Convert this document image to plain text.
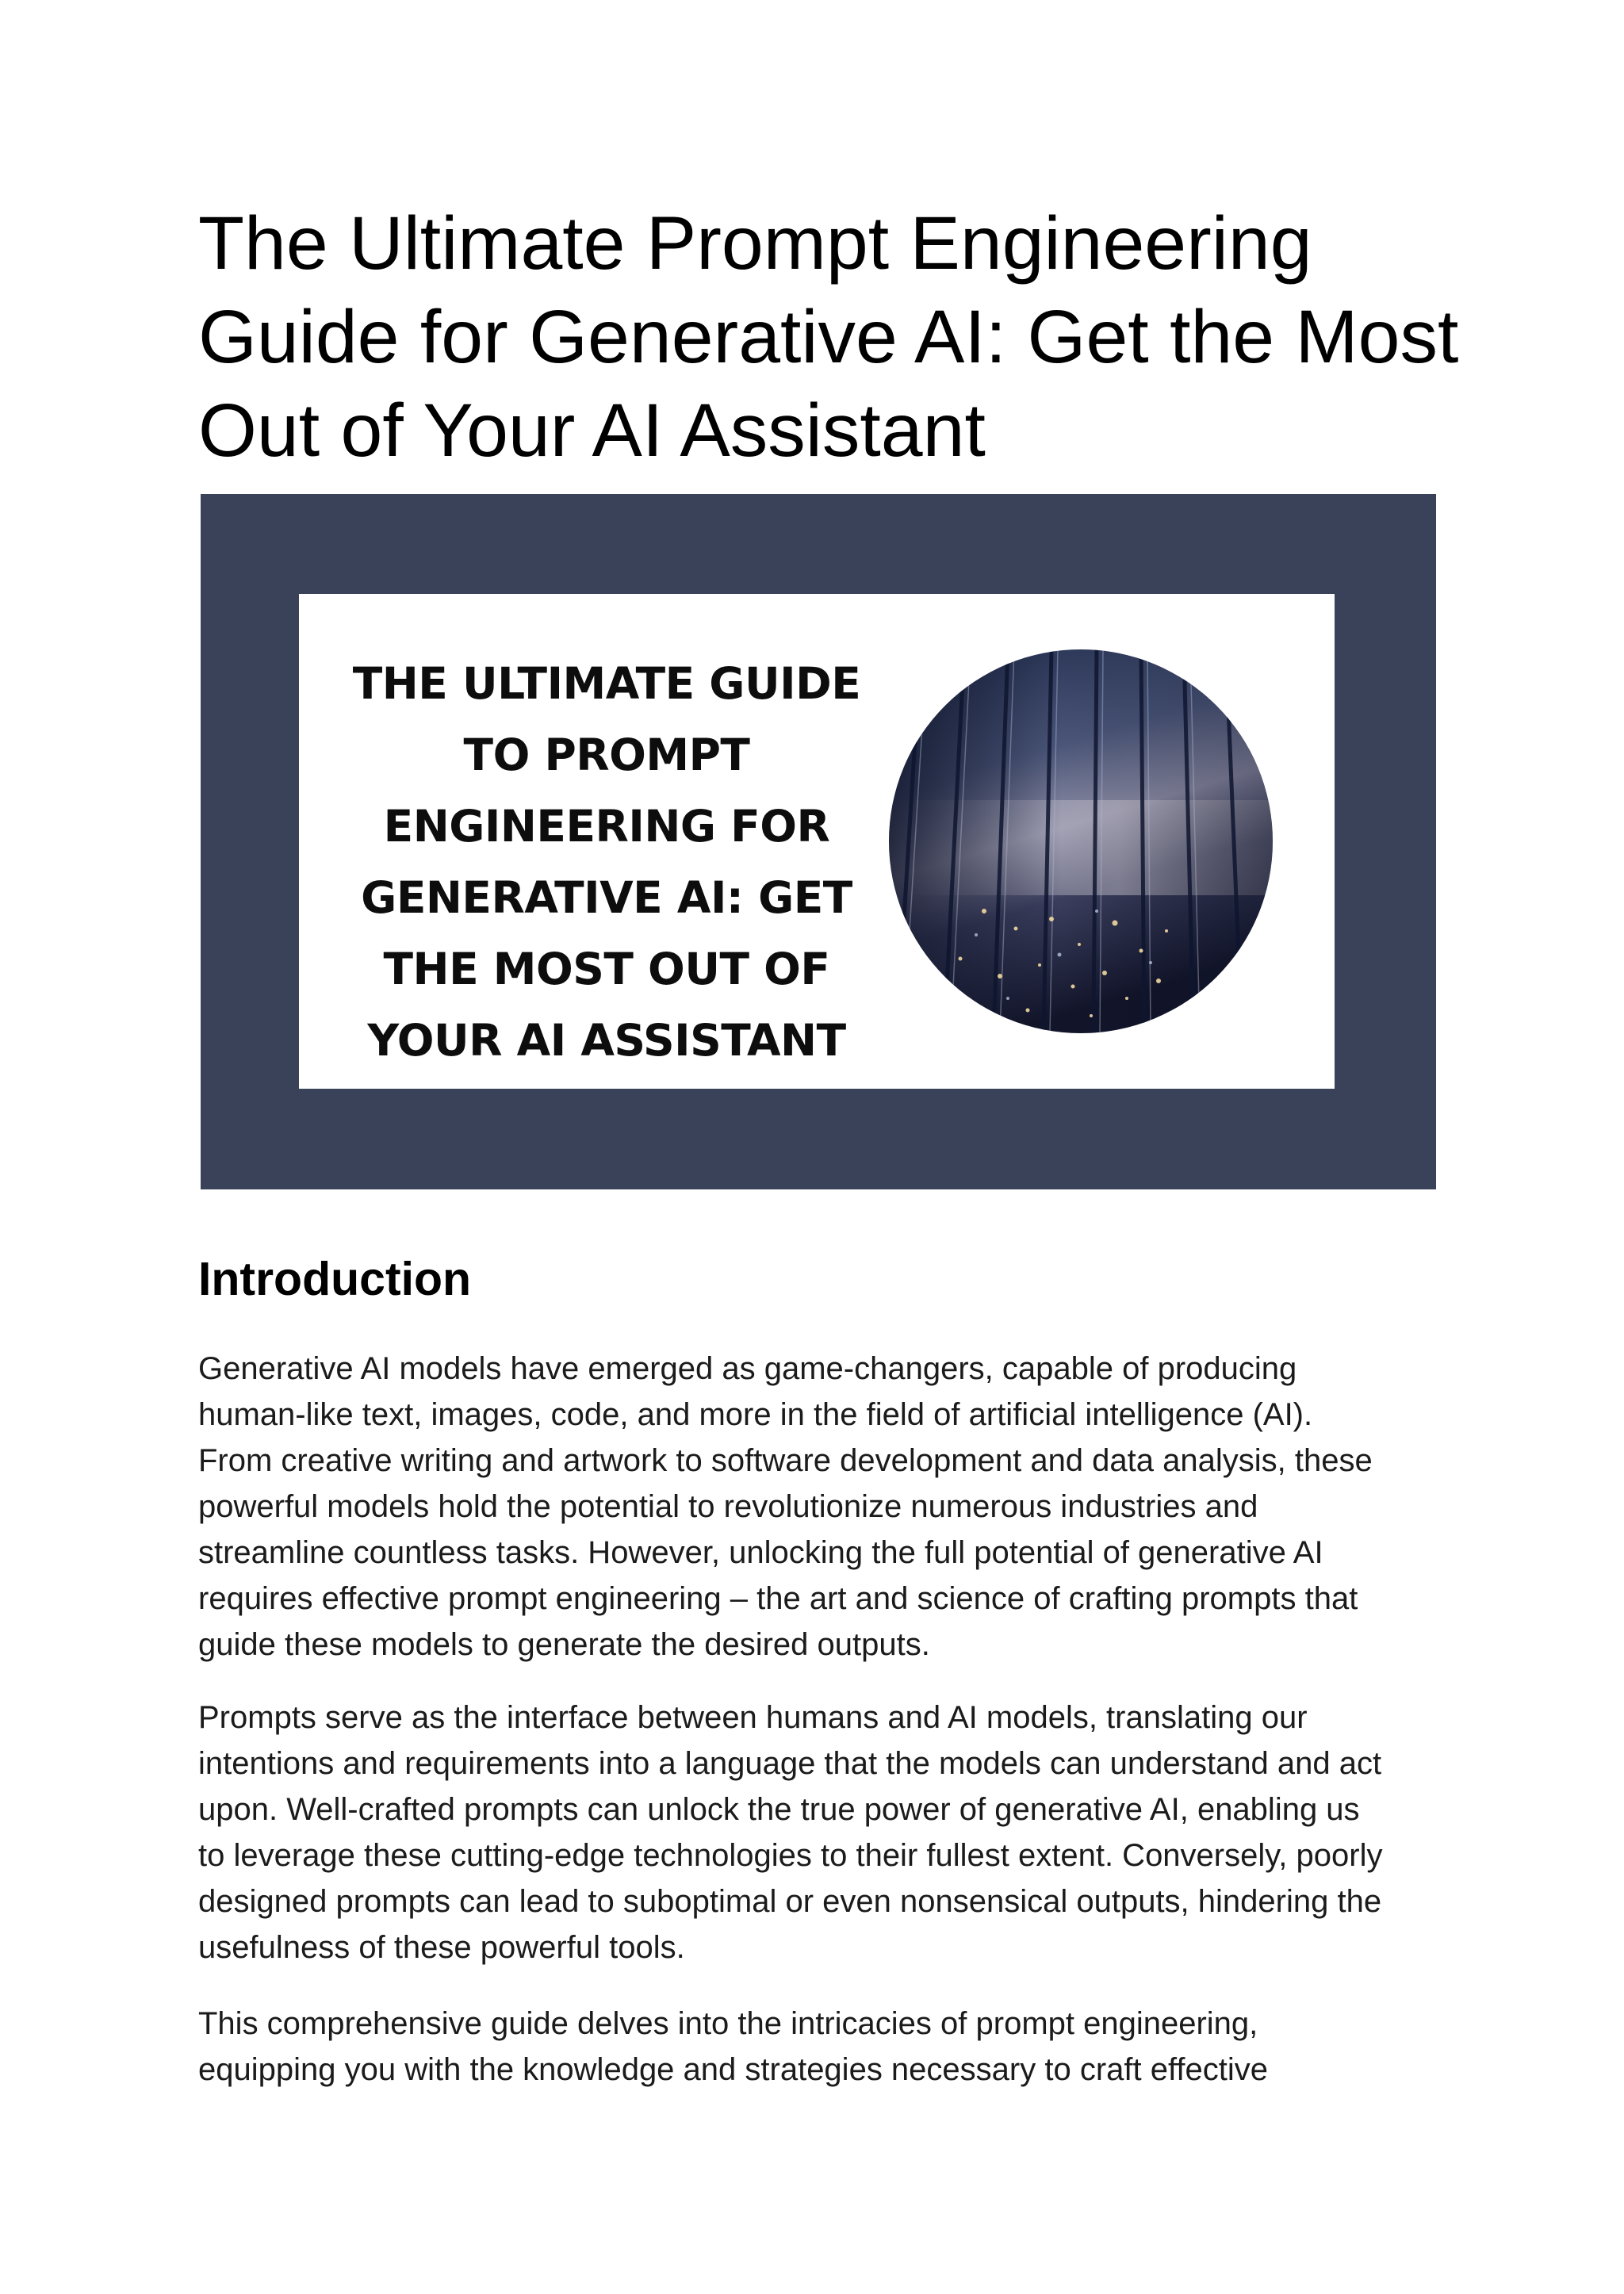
The Ultimate Prompt Engineering
Guide for Generative AI: Get the Most
Out of Your AI Assistant
THE ULTIMATE GUIDE
TO PROMPT
ENGINEERING FOR
GENERATIVE AI: GET
THE MOST OUT OF
YOUR AI ASSISTANT
Introduction

Generative AI models have emerged as game-changers, capable of producing
human-like text, images, code, and more in the field of artificial intelligence (AI).
From creative writing and artwork to software development and data analysis, these
powerful models hold the potential to revolutionize numerous industries and
streamline countless tasks. However, unlocking the full potential of generative AI
requires effective prompt engineering – the art and science of crafting prompts that
guide these models to generate the desired outputs.

Prompts serve as the interface between humans and AI models, translating our
intentions and requirements into a language that the models can understand and act
upon. Well-crafted prompts can unlock the true power of generative AI, enabling us
to leverage these cutting-edge technologies to their fullest extent. Conversely, poorly
designed prompts can lead to suboptimal or even nonsensical outputs, hindering the
usefulness of these powerful tools.

This comprehensive guide delves into the intricacies of prompt engineering,
equipping you with the knowledge and strategies necessary to craft effective
